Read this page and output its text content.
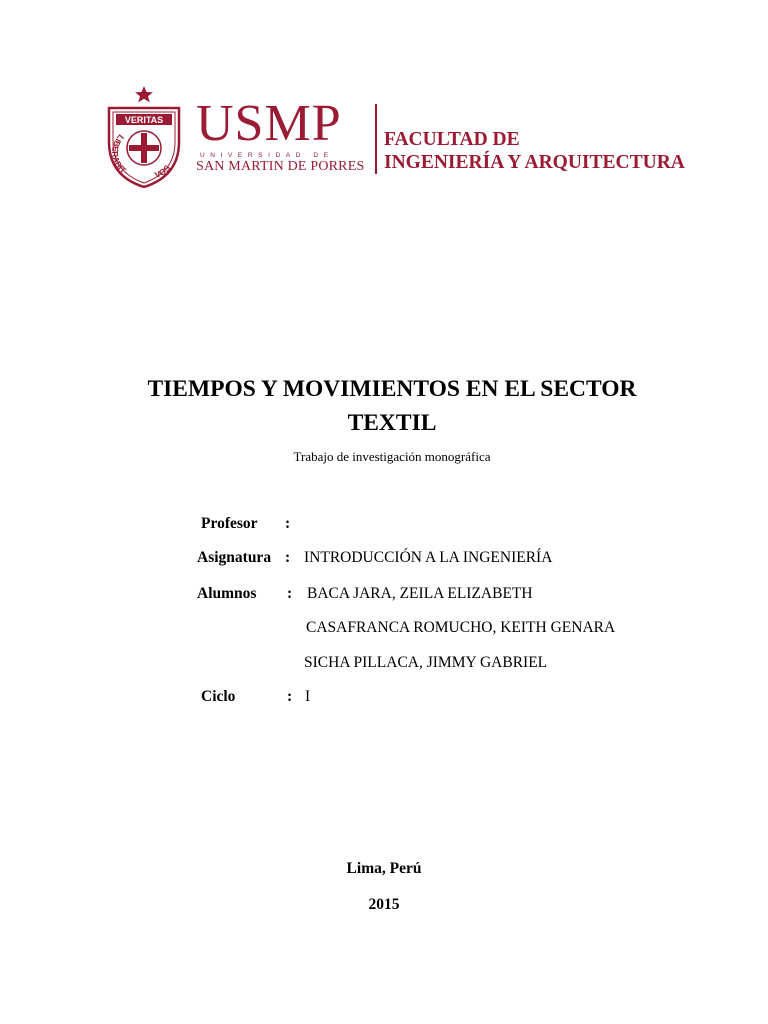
VERITAS
LIBERABIT	VOS
USMP
UNIVERSIDAD DE
SAN MARTIN DE PORRES
FACULTAD DE
INGENIERÍA Y ARQUITECTURA
TIEMPOS Y MOVIMIENTOS EN EL SECTOR
TEXTIL
Trabajo de investigación monográfica
Profesor :
Asignatura : INTRODUCCIÓN A LA INGENIERÍA
Alumnos : BACA JARA, ZEILA ELIZABETH
CASAFRANCA ROMUCHO, KEITH GENARA
SICHA PILLACA, JIMMY GABRIEL
Ciclo	: I
Lima, Perú
2015
